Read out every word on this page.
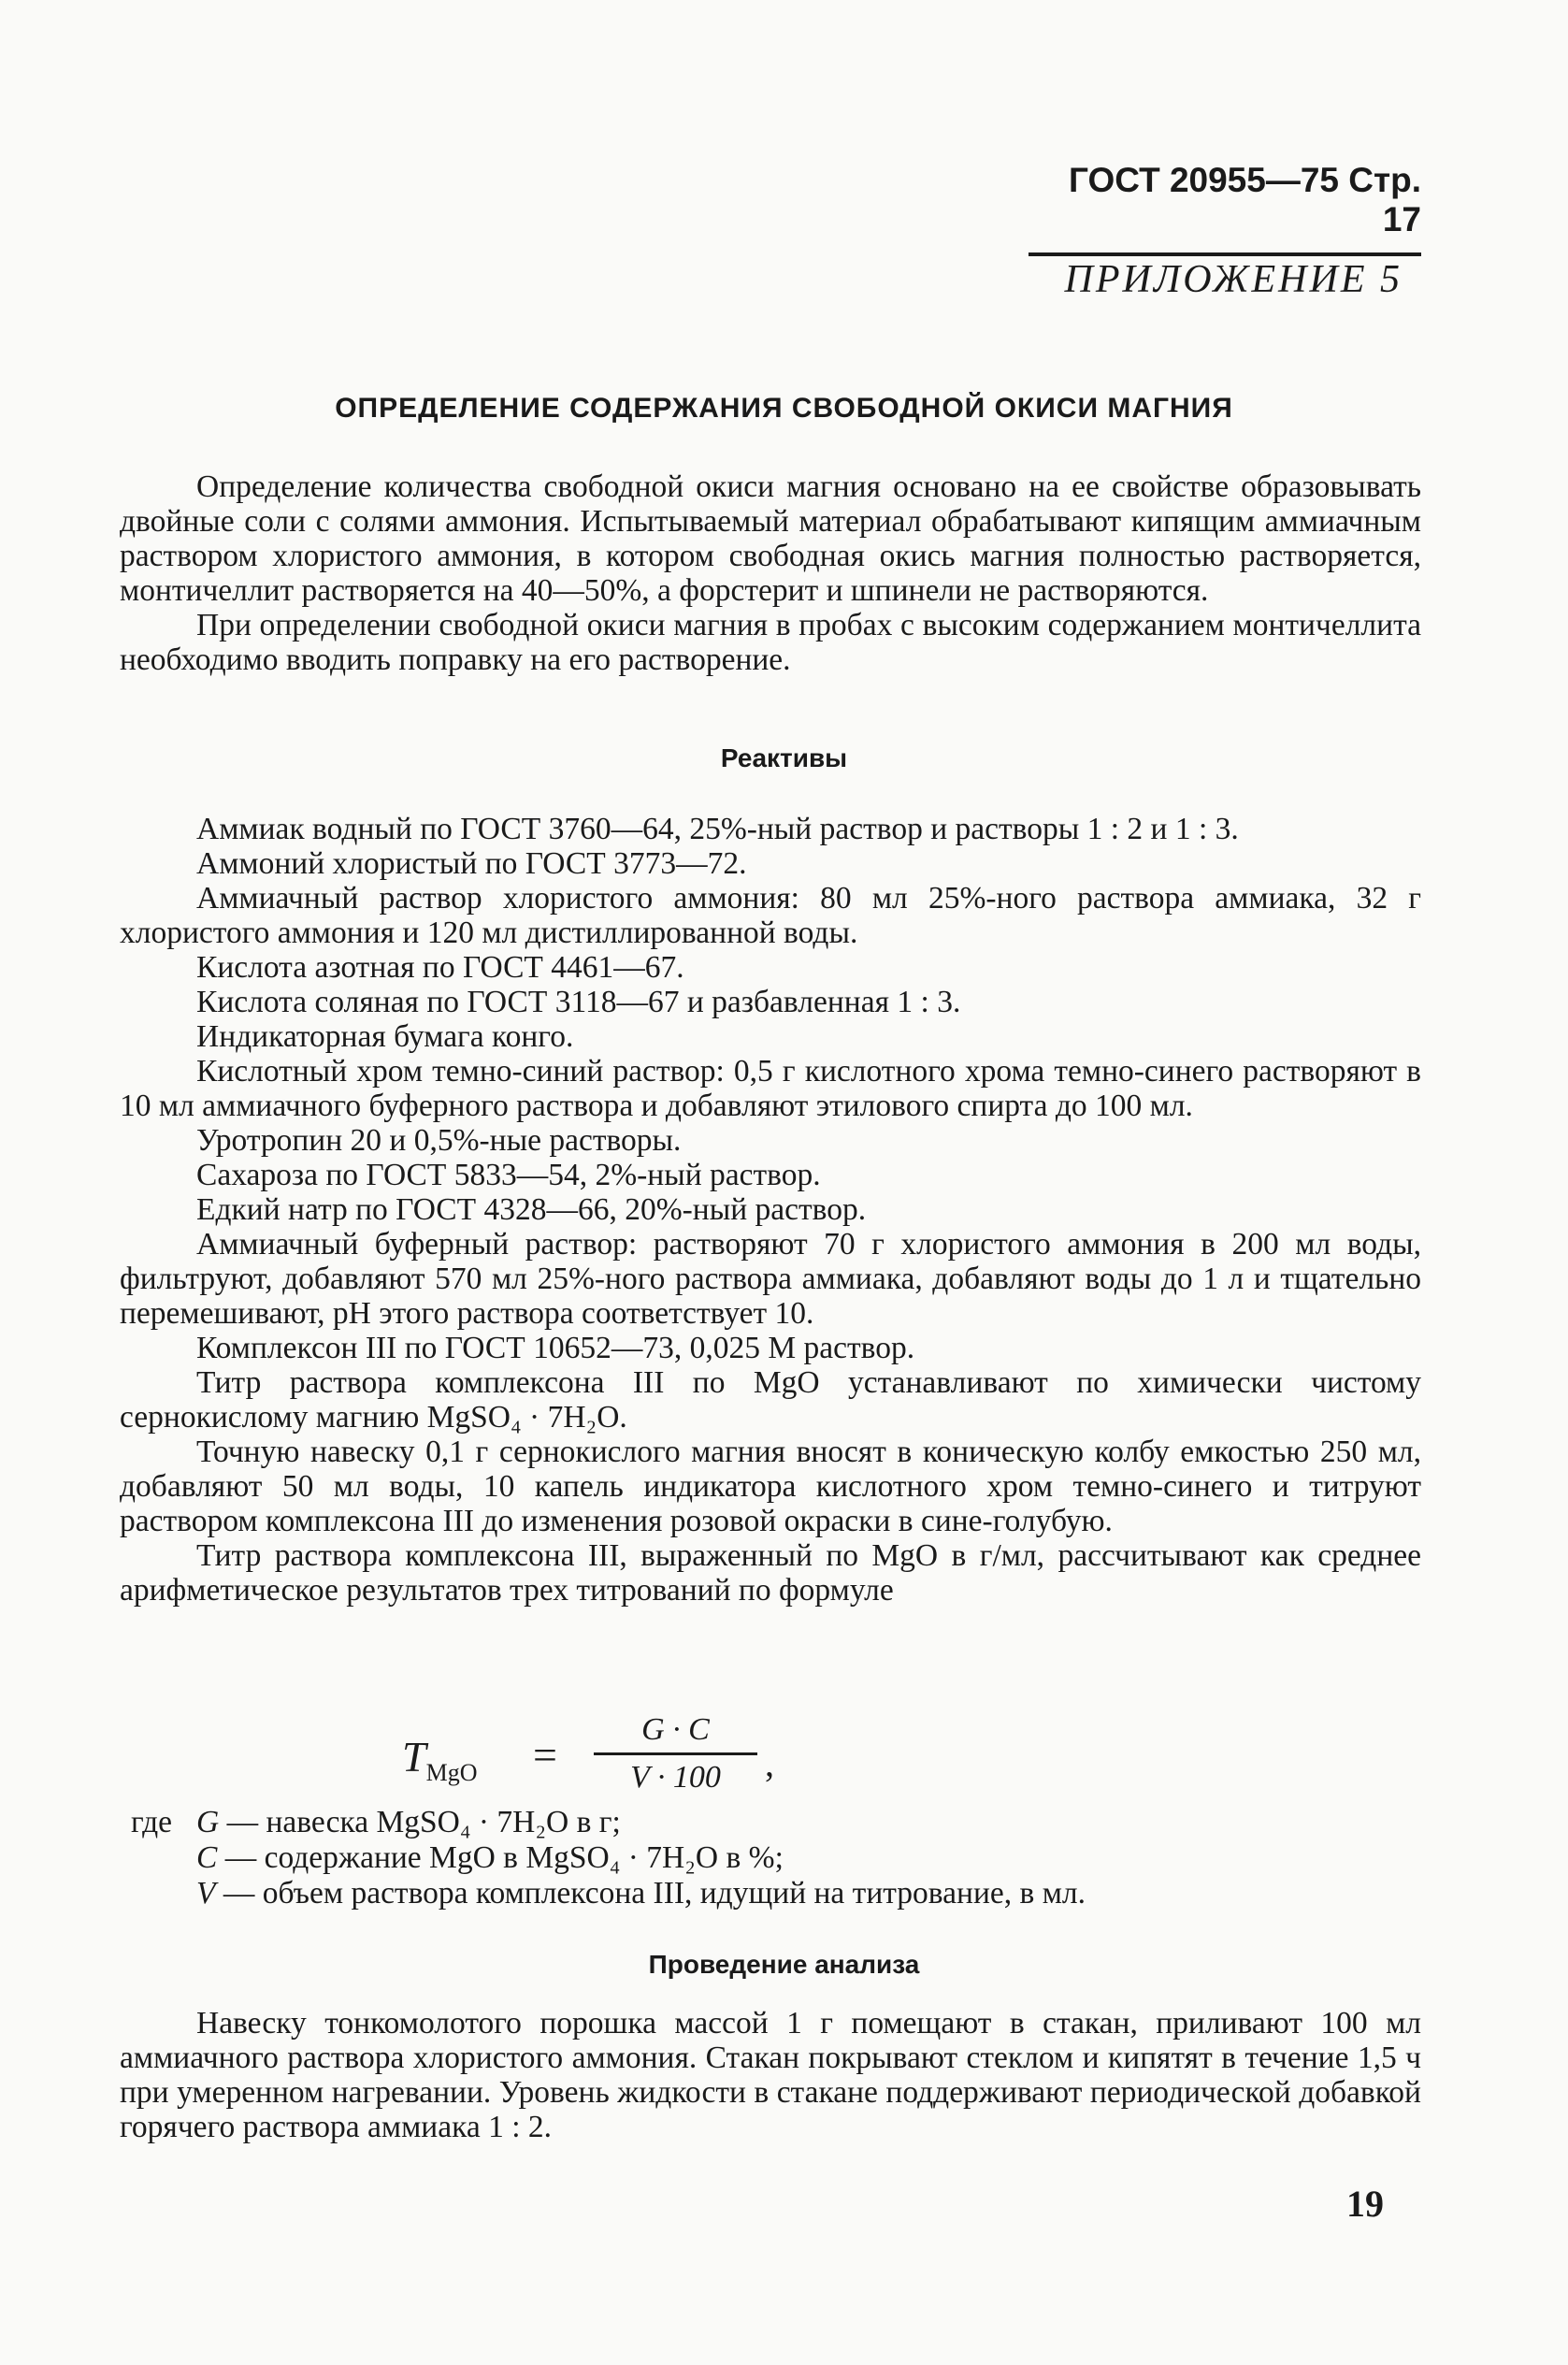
ГОСТ 20955—75 Стр. 17
ПРИЛОЖЕНИЕ 5
ОПРЕДЕЛЕНИЕ СОДЕРЖАНИЯ СВОБОДНОЙ ОКИСИ МАГНИЯ

Определение количества свободной окиси магния основано на ее свойстве образовывать двойные соли с солями аммония. Испытываемый материал обрабатывают кипящим аммиачным раствором хлористого аммония, в котором свободная окись магния полностью растворяется, монтичеллит растворяется на 40—50%, а форстерит и шпинели не растворяются.

При определении свободной окиси магния в пробах с высоким содержанием монтичеллита необходимо вводить поправку на его растворение.

Реактивы

Аммиак водный по ГОСТ 3760—64, 25%-ный раствор и растворы 1 : 2 и 1 : 3.

Аммоний хлористый по ГОСТ 3773—72.

Аммиачный раствор хлористого аммония: 80 мл 25%-ного раствора аммиака, 32 г хлористого аммония и 120 мл дистиллированной воды.

Кислота азотная по ГОСТ 4461—67.

Кислота соляная по ГОСТ 3118—67 и разбавленная 1 : 3.

Индикаторная бумага конго.

Кислотный хром темно-синий раствор: 0,5 г кислотного хрома темно-синего растворяют в 10 мл аммиачного буферного раствора и добавляют этилового спирта до 100 мл.

Уротропин 20 и 0,5%-ные растворы.

Сахароза по ГОСТ 5833—54, 2%-ный раствор.

Едкий натр по ГОСТ 4328—66, 20%-ный раствор.

Аммиачный буферный раствор: растворяют 70 г хлористого аммония в 200 мл воды, фильтруют, добавляют 570 мл 25%-ного раствора аммиака, добавляют воды до 1 л и тщательно перемешивают, pH этого раствора соответствует 10.

Комплексон III по ГОСТ 10652—73, 0,025 М раствор.

Титр раствора комплексона III по MgO устанавливают по химически чистому сернокислому магнию MgSO₄ · 7H₂O.

Точную навеску 0,1 г сернокислого магния вносят в коническую колбу емкостью 250 мл, добавляют 50 мл воды, 10 капель индикатора кислотного хром темно-синего и титруют раствором комплексона III до изменения розовой окраски в сине-голубую.

Титр раствора комплексона III, выраженный по MgO в г/мл, рассчитывают как среднее арифметическое результатов трех титрований по формуле

$T_{MgO}$ =
G · C
V · 100	,
где G — навеска MgSO₄ · 7H₂O в г;
C — содержание MgO в MgSO₄ · 7H₂O в %;
V — объем раствора комплексона III, идущий на титрование, в мл.
Проведение анализа

Навеску тонкомолотого порошка массой 1 г помещают в стакан, приливают 100 мл аммиачного раствора хлористого аммония. Стакан покрывают стеклом и кипятят в течение 1,5 ч при умеренном нагревании. Уровень жидкости в стакане поддерживают периодической добавкой горячего раствора аммиака 1 : 2.

19
